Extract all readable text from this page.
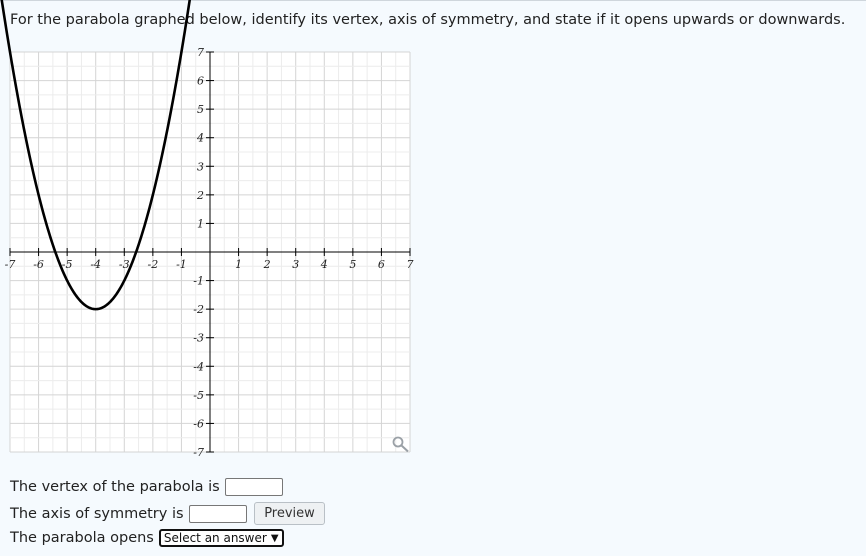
For the parabola graphed below, identify its vertex, axis of symmetry, and state if it opens upwards or downwards.
-7 -6 -5 -4 -3 -2 -1	1 2 3 4 5 6 7
-7
-6
-5
-4
-3
-2
-1
1
2
3
4
5
6
7
The vertex of the parabola is
The axis of symmetry is	Preview
The parabola opens Select an answer ▼
